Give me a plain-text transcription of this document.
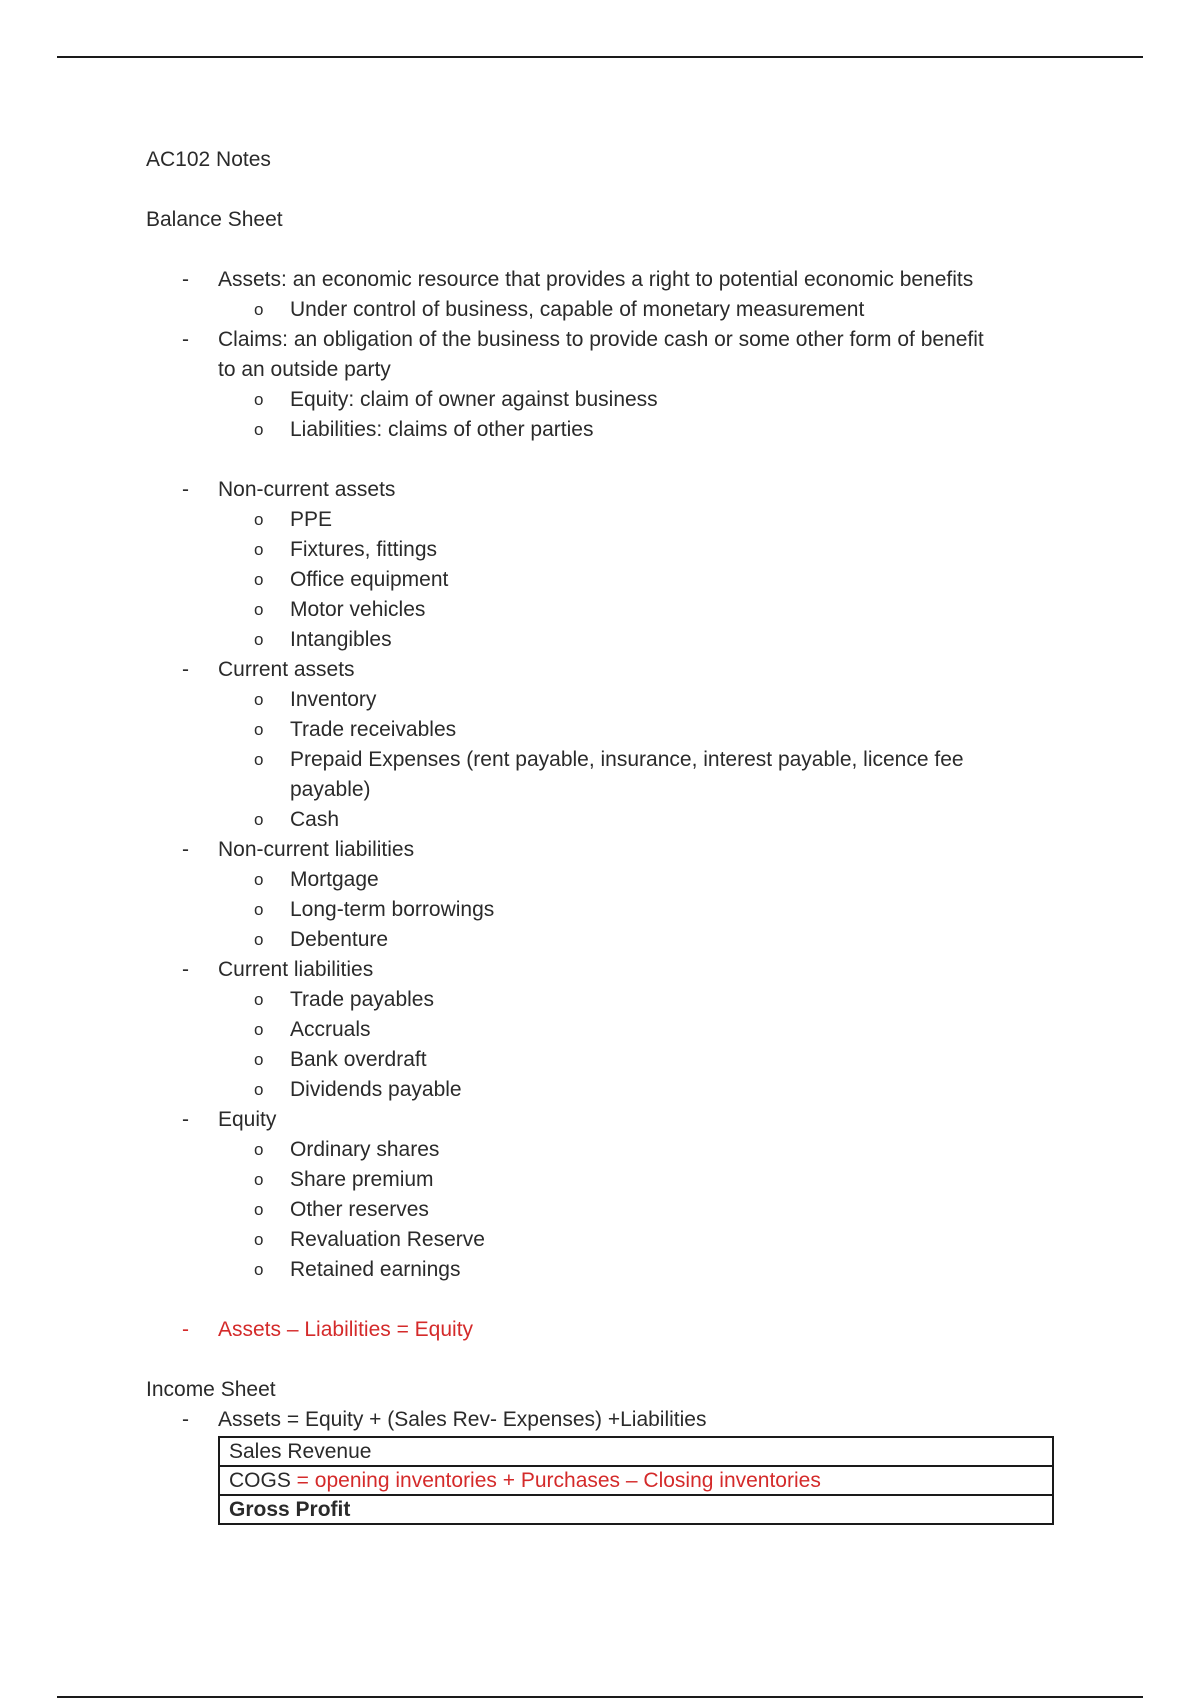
AC102 Notes
Balance Sheet
- Assets: an economic resource that provides a right to potential economic benefits
o Under control of business, capable of monetary measurement
- Claims: an obligation of the business to provide cash or some other form of benefit
to an outside party
o Equity: claim of owner against business
o Liabilities: claims of other parties
- Non-current assets
o PPE
o Fixtures, fittings
o Office equipment
o Motor vehicles
o Intangibles
- Current assets
o Inventory
o Trade receivables
o Prepaid Expenses (rent payable, insurance, interest payable, licence fee
payable)
o Cash
- Non-current liabilities
o Mortgage
o Long-term borrowings
o Debenture
- Current liabilities
o Trade payables
o Accruals
o Bank overdraft
o Dividends payable
- Equity
o Ordinary shares
o Share premium
o Other reserves
o Revaluation Reserve
o Retained earnings
- Assets – Liabilities = Equity
Income Sheet
- Assets = Equity + (Sales Rev- Expenses) +Liabilities
Sales Revenue
COGS = opening inventories + Purchases – Closing inventories
Gross Profit
